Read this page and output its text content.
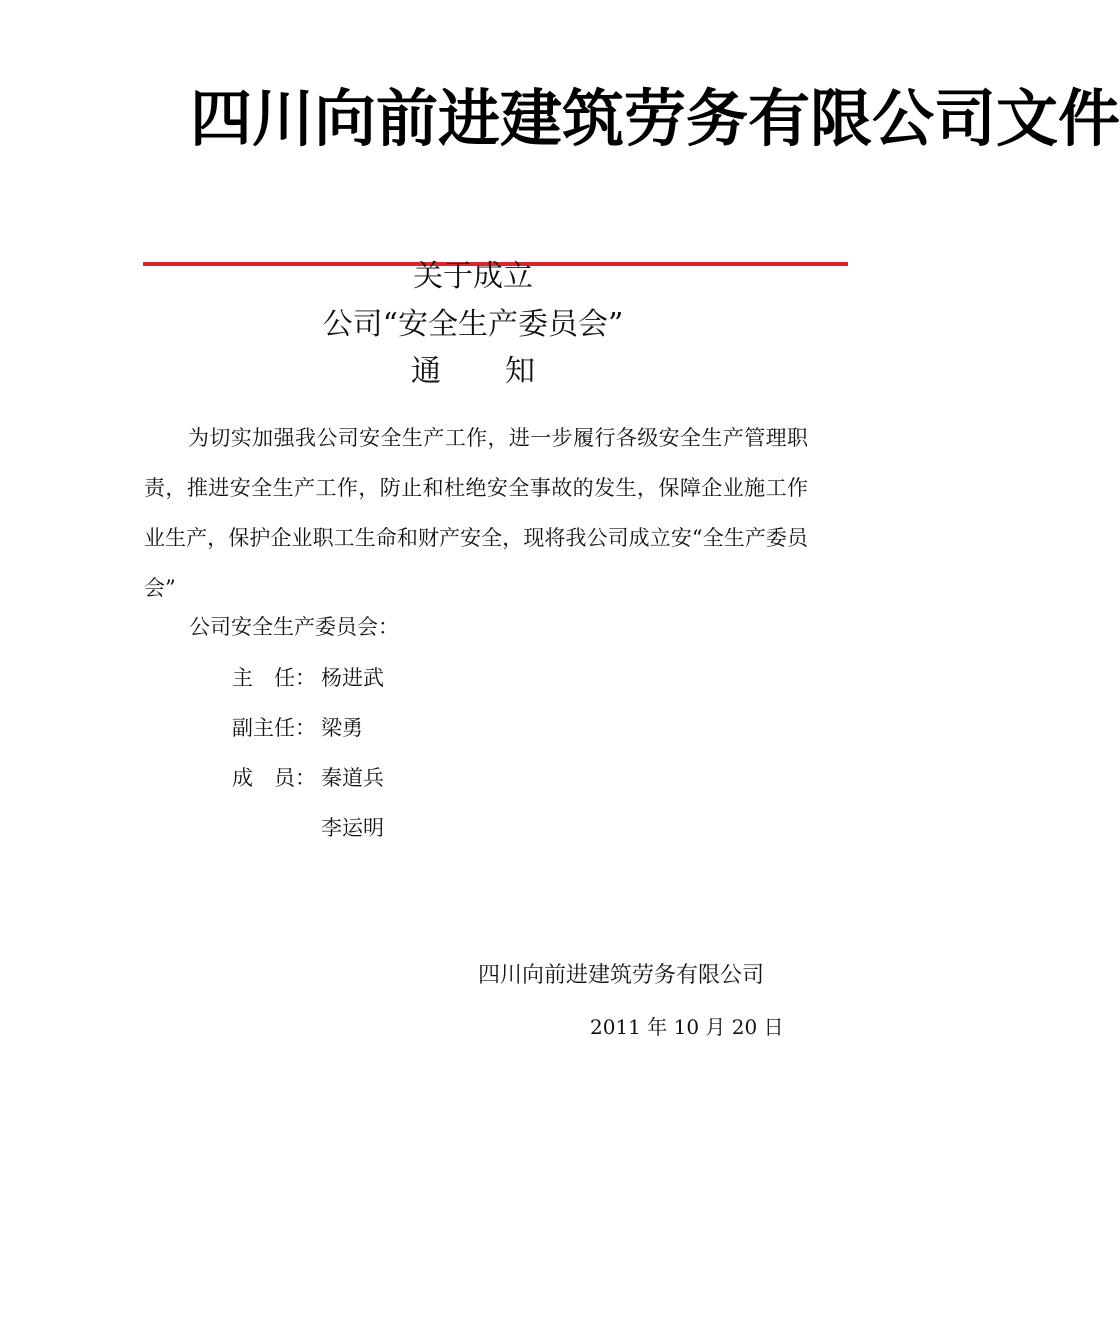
四川向前进建筑劳务有限公司文件
关于成立
公司“安全生产委员会”
通 知
为切实加强我公司安全生产工作，进一步履行各级安全生产管理职责，推进安全生产工作，防止和杜绝安全事故的发生，保障企业施工作业生产，保护企业职工生命和财产安全，现将我公司成立安“全生产委员会”
公司安全生产委员会：
主　任： 杨进武
副主任： 梁勇
成　员： 秦道兵
李运明
四川向前进建筑劳务有限公司
2011 年 10 月 20 日
